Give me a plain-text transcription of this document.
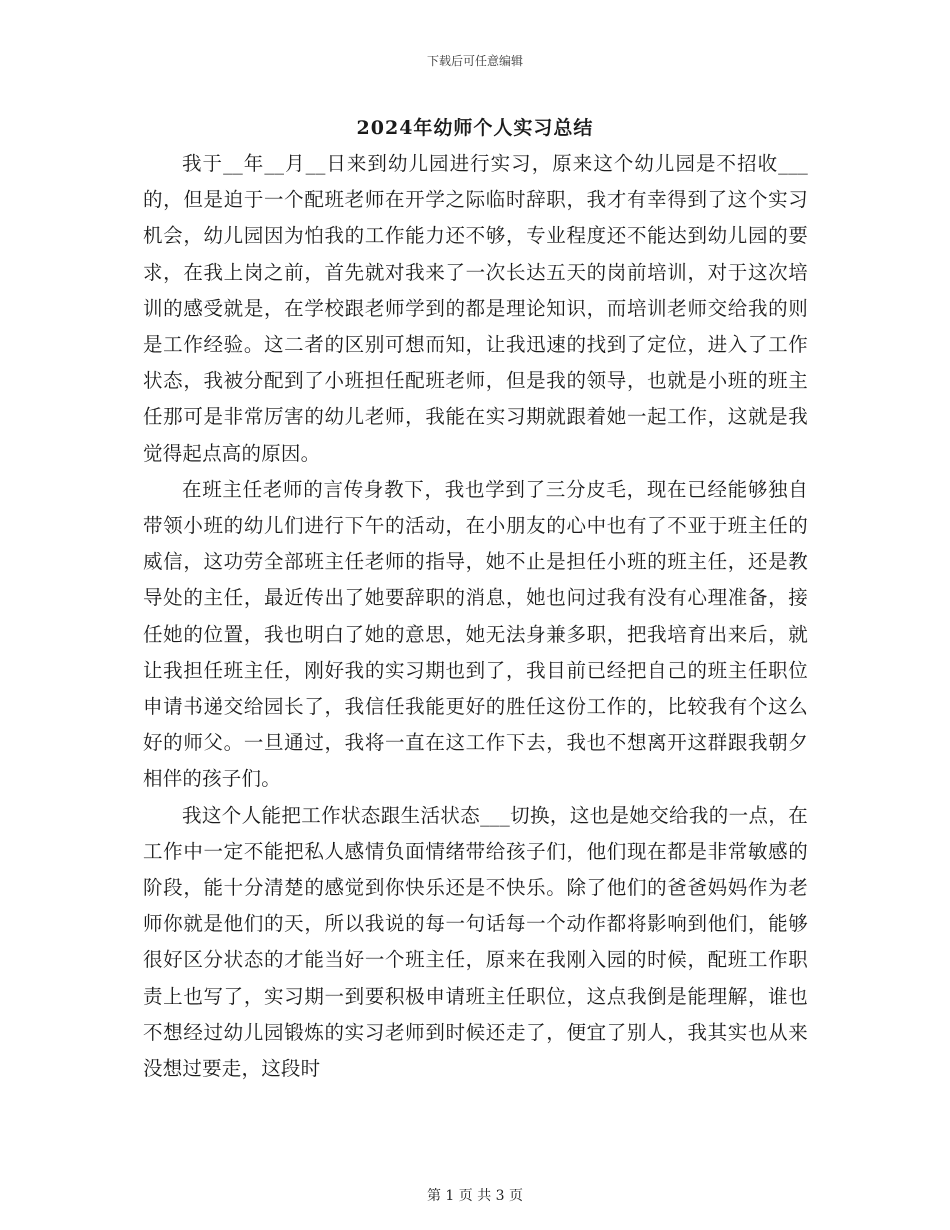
下载后可任意编辑
2024年幼师个人实习总结

我于__年__月__日来到幼儿园进行实习，原来这个幼儿园是不招收___的，但是迫于一个配班老师在开学之际临时辞职，我才有幸得到了这个实习机会，幼儿园因为怕我的工作能力还不够，专业程度还不能达到幼儿园的要求，在我上岗之前，首先就对我来了一次长达五天的岗前培训，对于这次培训的感受就是，在学校跟老师学到的都是理论知识，而培训老师交给我的则是工作经验。这二者的区别可想而知，让我迅速的找到了定位，进入了工作状态，我被分配到了小班担任配班老师，但是我的领导，也就是小班的班主任那可是非常厉害的幼儿老师，我能在实习期就跟着她一起工作，这就是我觉得起点高的原因。

在班主任老师的言传身教下，我也学到了三分皮毛，现在已经能够独自带领小班的幼儿们进行下午的活动，在小朋友的心中也有了不亚于班主任的威信，这功劳全部班主任老师的指导，她不止是担任小班的班主任，还是教导处的主任，最近传出了她要辞职的消息，她也问过我有没有心理准备，接任她的位置，我也明白了她的意思，她无法身兼多职，把我培育出来后，就让我担任班主任，刚好我的实习期也到了，我目前已经把自己的班主任职位申请书递交给园长了，我信任我能更好的胜任这份工作的，比较我有个这么好的师父。一旦通过，我将一直在这工作下去，我也不想离开这群跟我朝夕相伴的孩子们。

我这个人能把工作状态跟生活状态___切换，这也是她交给我的一点，在工作中一定不能把私人感情负面情绪带给孩子们，他们现在都是非常敏感的阶段，能十分清楚的感觉到你快乐还是不快乐。除了他们的爸爸妈妈作为老师你就是他们的天，所以我说的每一句话每一个动作都将影响到他们，能够很好区分状态的才能当好一个班主任，原来在我刚入园的时候，配班工作职责上也写了，实习期一到要积极申请班主任职位，这点我倒是能理解，谁也不想经过幼儿园锻炼的实习老师到时候还走了，便宜了别人，我其实也从来没想过要走，这段时

第 1 页 共 3 页
